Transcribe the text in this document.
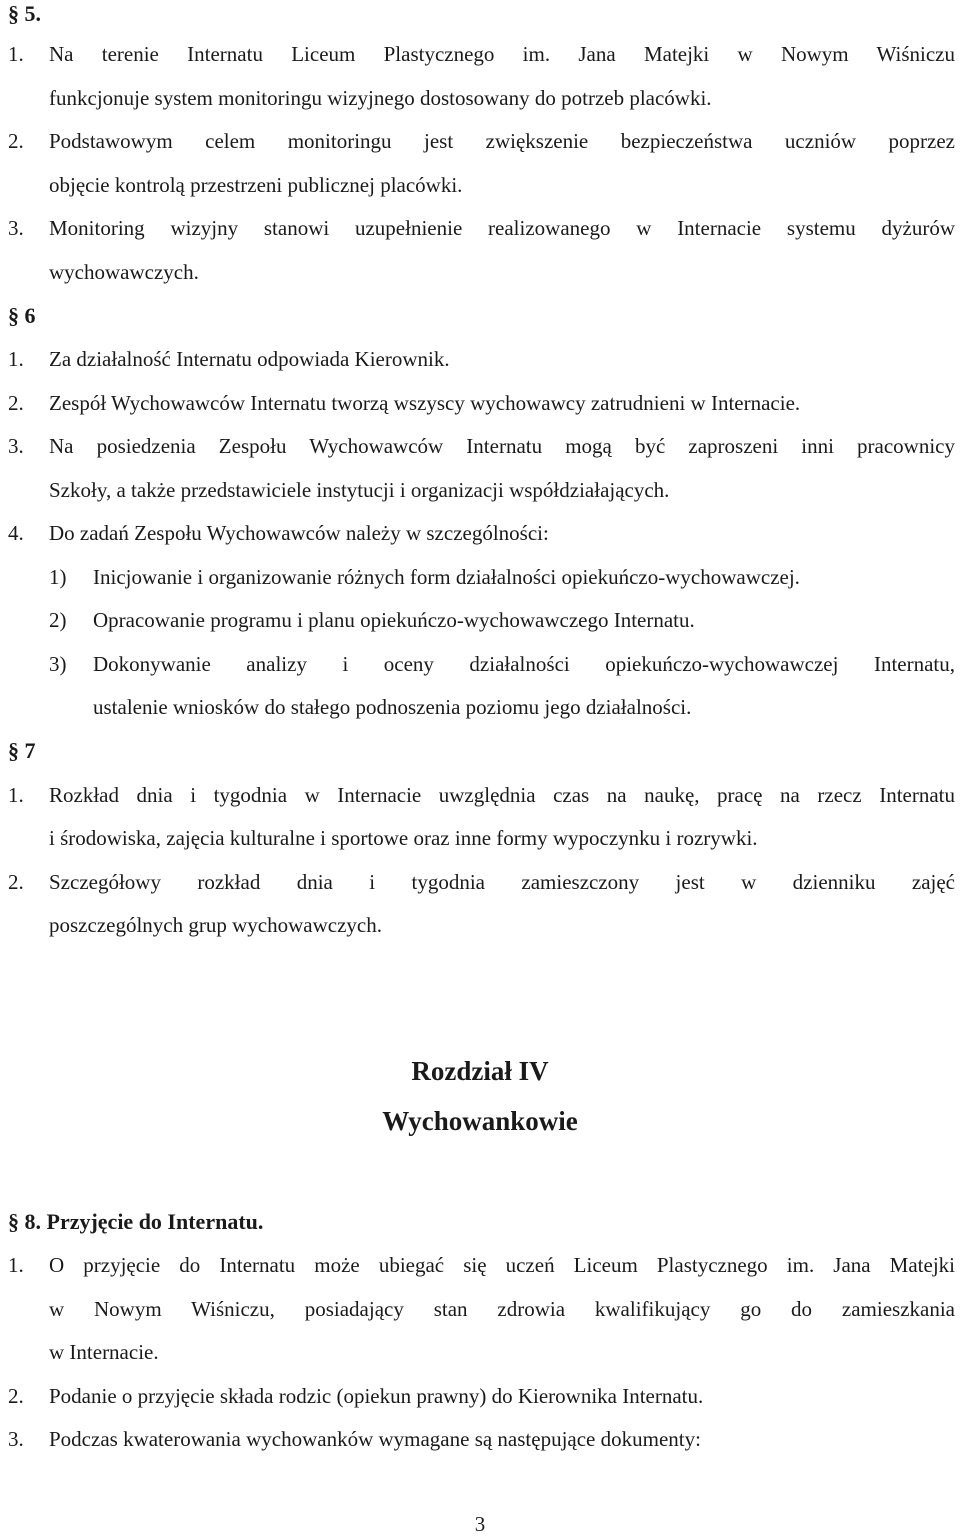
§ 5.
1. Na terenie Internatu Liceum Plastycznego im. Jana Matejki w Nowym Wiśniczu
funkcjonuje system monitoringu wizyjnego dostosowany do potrzeb placówki.
2. Podstawowym celem monitoringu jest zwiększenie bezpieczeństwa uczniów poprzez
objęcie kontrolą przestrzeni publicznej placówki.
3. Monitoring wizyjny stanowi uzupełnienie realizowanego w Internacie systemu dyżurów
wychowawczych.
§ 6
1. Za działalność Internatu odpowiada Kierownik.
2. Zespół Wychowawców Internatu tworzą wszyscy wychowawcy zatrudnieni w Internacie.
3. Na posiedzenia Zespołu Wychowawców Internatu mogą być zaproszeni inni pracownicy
Szkoły, a także przedstawiciele instytucji i organizacji współdziałających.
4. Do zadań Zespołu Wychowawców należy w szczególności:
1) Inicjowanie i organizowanie różnych form działalności opiekuńczo-wychowawczej.
2) Opracowanie programu i planu opiekuńczo-wychowawczego Internatu.
3) Dokonywanie analizy i oceny działalności opiekuńczo-wychowawczej Internatu,
ustalenie wniosków do stałego podnoszenia poziomu jego działalności.
§ 7
1. Rozkład dnia i tygodnia w Internacie uwzględnia czas na naukę, pracę na rzecz Internatu
i środowiska, zajęcia kulturalne i sportowe oraz inne formy wypoczynku i rozrywki.
2. Szczegółowy rozkład dnia i tygodnia zamieszczony jest w dzienniku zajęć
poszczególnych grup wychowawczych.
Rozdział IV
Wychowankowie
§ 8. Przyjęcie do Internatu.
1. O przyjęcie do Internatu może ubiegać się uczeń Liceum Plastycznego im. Jana Matejki
w Nowym Wiśniczu, posiadający stan zdrowia kwalifikujący go do zamieszkania
w Internacie.
2. Podanie o przyjęcie składa rodzic (opiekun prawny) do Kierownika Internatu.
3. Podczas kwaterowania wychowanków wymagane są następujące dokumenty:
3
